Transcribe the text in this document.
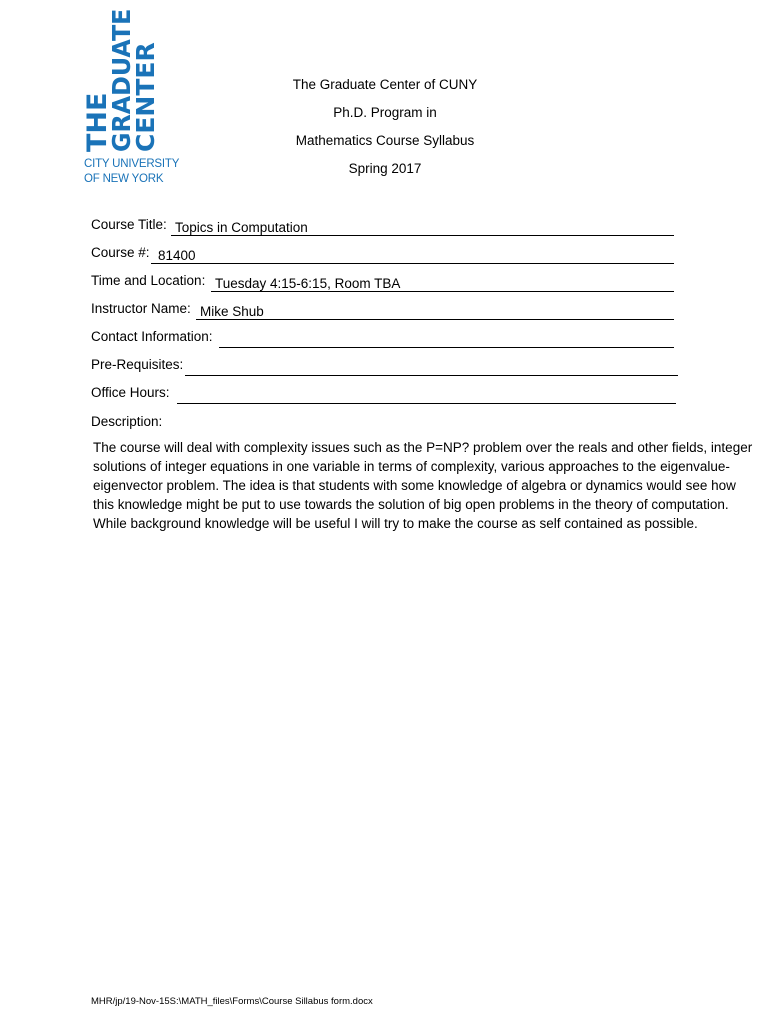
THE
GRADUATE
CENTER
CITY UNIVERSITY
OF NEW YORK
The Graduate Center of CUNY
Ph.D. Program in
Mathematics Course Syllabus
Spring 2017
Course Title: Topics in Computation
Course #: 81400
Time and Location: Tuesday 4:15-6:15, Room TBA
Instructor Name: Mike Shub
Contact Information:
Pre-Requisites:
Office Hours:
Description:
The course will deal with complexity issues such as the P=NP? problem over the reals and other fields, integer solutions of integer equations in one variable in terms of complexity, various approaches to the eigenvalue-eigenvector problem. The idea is that students with some knowledge of algebra or dynamics would see how this knowledge might be put to use towards the solution of big open problems in the theory of computation. While background knowledge will be useful I will try to make the course as self contained as possible.
MHR/jp/19-Nov-15S:\MATH_files\Forms\Course Sillabus form.docx
